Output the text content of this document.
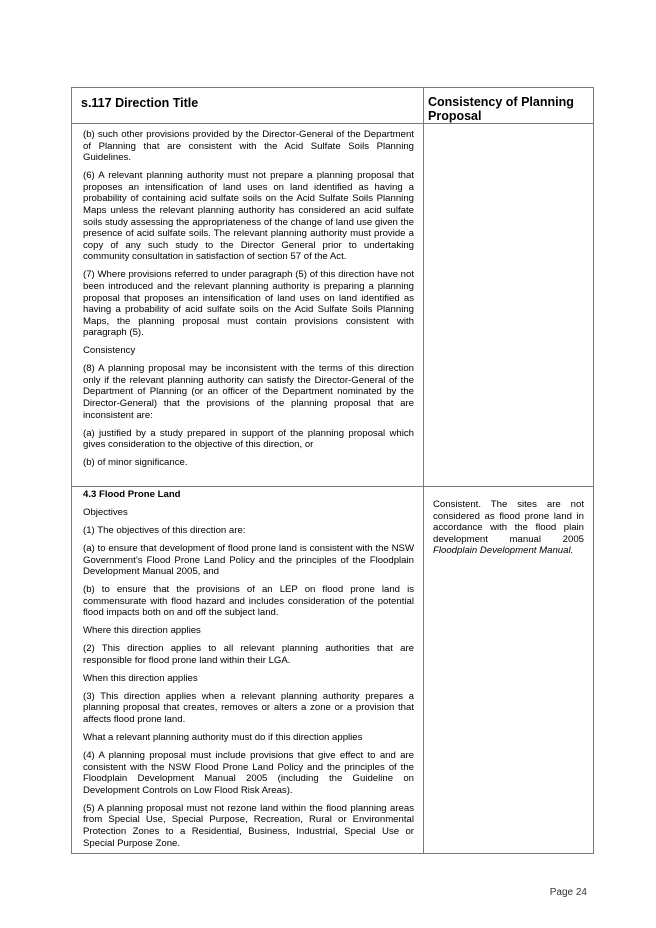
s.117 Direction Title	Consistency of Planning Proposal

(b) such other provisions provided by the Director-General of the Department of Planning that are consistent with the Acid Sulfate Soils Planning Guidelines.

(6) A relevant planning authority must not prepare a planning proposal that proposes an intensification of land uses on land identified as having a probability of containing acid sulfate soils on the Acid Sulfate Soils Planning Maps unless the relevant planning authority has considered an acid sulfate soils study assessing the appropriateness of the change of land use given the presence of acid sulfate soils. The relevant planning authority must provide a copy of any such study to the Director General prior to undertaking community consultation in satisfaction of section 57 of the Act.

(7) Where provisions referred to under paragraph (5) of this direction have not been introduced and the relevant planning authority is preparing a planning proposal that proposes an intensification of land uses on land identified as having a probability of acid sulfate soils on the Acid Sulfate Soils Planning Maps, the planning proposal must contain provisions consistent with paragraph (5).

Consistency

(8) A planning proposal may be inconsistent with the terms of this direction only if the relevant planning authority can satisfy the Director-General of the Department of Planning (or an officer of the Department nominated by the Director-General) that the provisions of the planning proposal that are inconsistent are:

(a) justified by a study prepared in support of the planning proposal which gives consideration to the objective of this direction, or

(b) of minor significance.

4.3 Flood Prone Land

Objectives

(1) The objectives of this direction are:

(a) to ensure that development of flood prone land is consistent with the NSW Government’s Flood Prone Land Policy and the principles of the Floodplain Development Manual 2005, and

(b) to ensure that the provisions of an LEP on flood prone land is commensurate with flood hazard and includes consideration of the potential flood impacts both on and off the subject land.

Where this direction applies

(2) This direction applies to all relevant planning authorities that are responsible for flood prone land within their LGA.

When this direction applies

(3) This direction applies when a relevant planning authority prepares a planning proposal that creates, removes or alters a zone or a provision that affects flood prone land.

What a relevant planning authority must do if this direction applies

(4) A planning proposal must include provisions that give effect to and are consistent with the NSW Flood Prone Land Policy and the principles of the Floodplain Development Manual 2005 (including the Guideline on Development Controls on Low Flood Risk Areas).

(5) A planning proposal must not rezone land within the flood planning areas from Special Use, Special Purpose, Recreation, Rural or Environmental Protection Zones to a Residential, Business, Industrial, Special Use or Special Purpose Zone.

Consistent. The sites are not considered as flood prone land in accordance with the flood plain development manual 2005 Floodplain Development Manual.
Page 24
